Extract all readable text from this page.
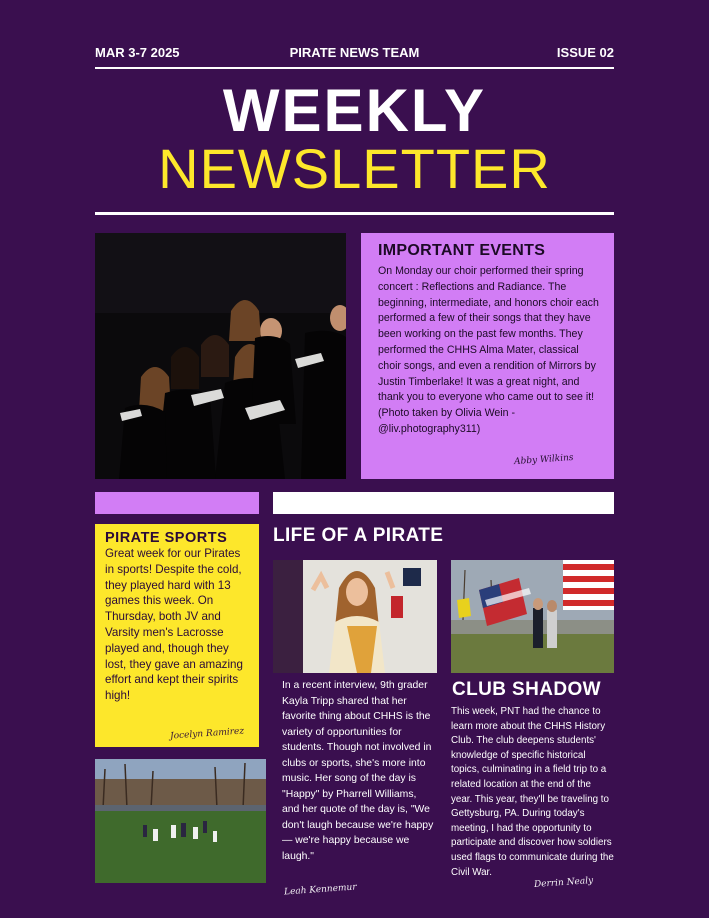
MAR 3-7 2025	PIRATE NEWS TEAM	ISSUE 02
WEEKLY
NEWSLETTER
IMPORTANT EVENTS

On Monday our choir performed their spring concert : Reflections and Radiance. The beginning, intermediate, and honors choir each performed a few of their songs that they have been working on the past few months. They performed the CHHS Alma Mater, classical choir songs, and even a rendition of Mirrors by Justin Timberlake! It was a great night, and thank you to everyone who came out to see it! (Photo taken by Olivia Wein - @liv.photography311)

Abby Wilkins
PIRATE SPORTS

Great week for our Pirates in sports! Despite the cold, they played hard with 13 games this week. On Thursday, both JV and Varsity men's Lacrosse played and, though they lost, they gave an amazing effort and kept their spirits high!

Jocelyn Ramirez
LIFE OF A PIRATE
In a recent interview, 9th grader Kayla Tripp shared that her favorite thing about CHHS is the variety of opportunities for students. Though not involved in clubs or sports, she's more into music. Her song of the day is "Happy" by Pharrell Williams, and her quote of the day is, "We don't laugh because we're happy — we're happy because we laugh."
Leah Kennemur
CLUB SHADOW
This week, PNT had the chance to learn more about the CHHS History Club. The club deepens students' knowledge of specific historical topics, culminating in a field trip to a related location at the end of the year. This year, they'll be traveling to Gettysburg, PA. During today's meeting, I had the opportunity to participate and discover how soldiers used flags to communicate during the Civil War.
Derrin Nealy
